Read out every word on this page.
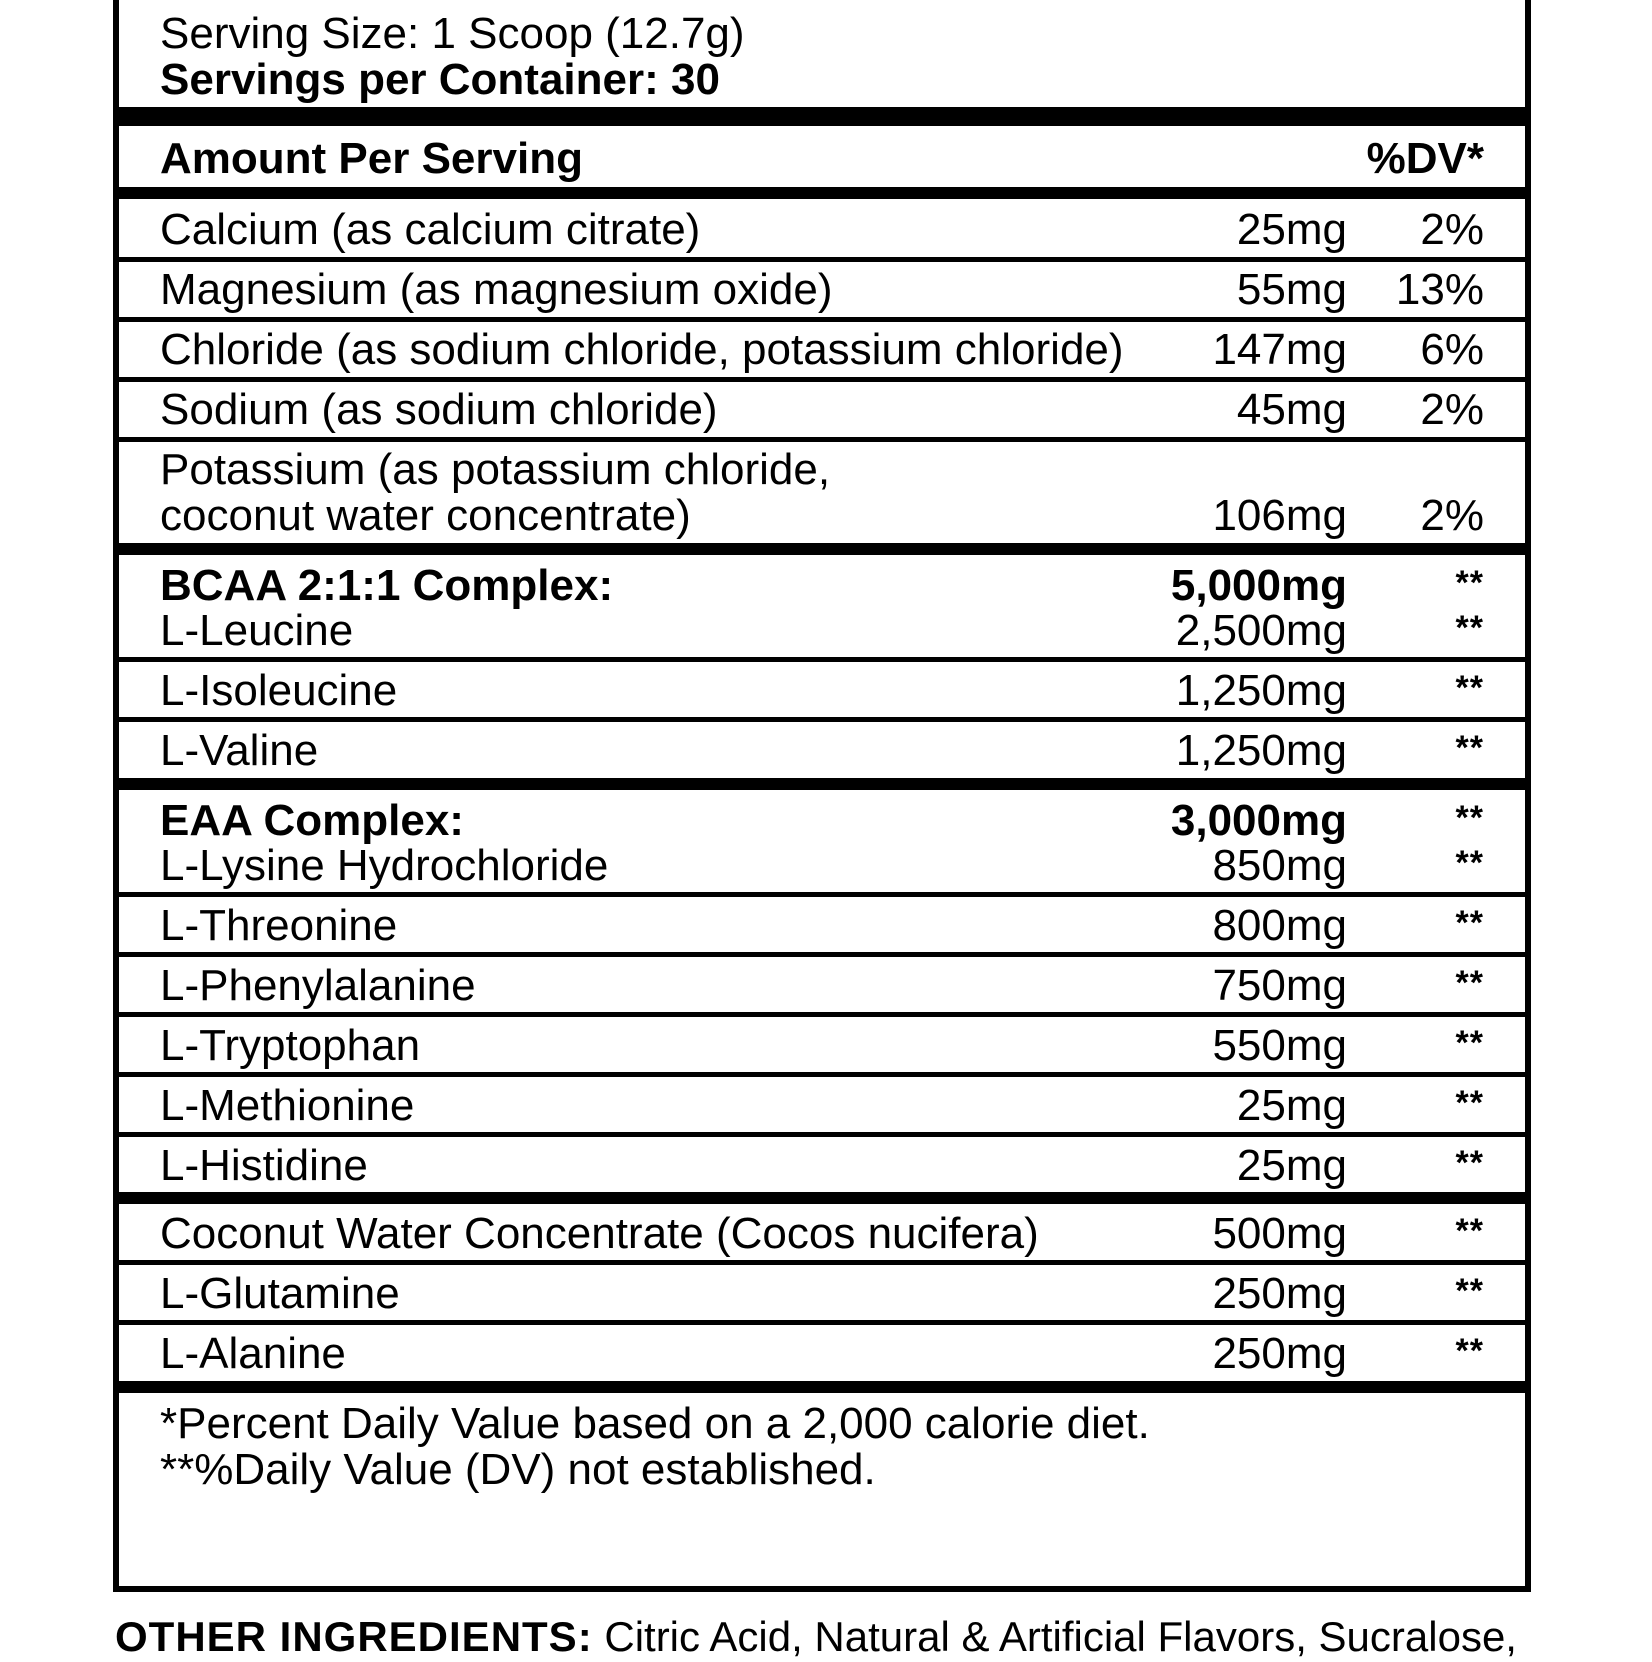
Serving Size: 1 Scoop (12.7g)
Servings per Container: 30
Amount Per Serving	%DV*
Calcium (as calcium citrate)	25mg 2%
Magnesium (as magnesium oxide)	55mg 13%
Chloride (as sodium chloride, potassium chloride) 147mg 6%
Sodium (as sodium chloride)	45mg 2%
Potassium (as potassium chloride,
coconut water concentrate)	106mg 2%
BCAA 2:1:1 Complex:	5,000mg	**
L-Leucine	2,500mg	**
L-Isoleucine	1,250mg	**
L-Valine	1,250mg	**
EAA Complex:	3,000mg	**
L-Lysine Hydrochloride	850mg	**
L-Threonine	800mg	**
L-Phenylalanine	750mg	**
L-Tryptophan	550mg	**
L-Methionine	25mg	**
L-Histidine	25mg	**
Coconut Water Concentrate (Cocos nucifera)	500mg	**
L-Glutamine	250mg	**
L-Alanine	250mg	**
*Percent Daily Value based on a 2,000 calorie diet.
**%Daily Value (DV) not established.
OTHER INGREDIENTS: Citric Acid, Natural & Artificial Flavors, Sucralose,
